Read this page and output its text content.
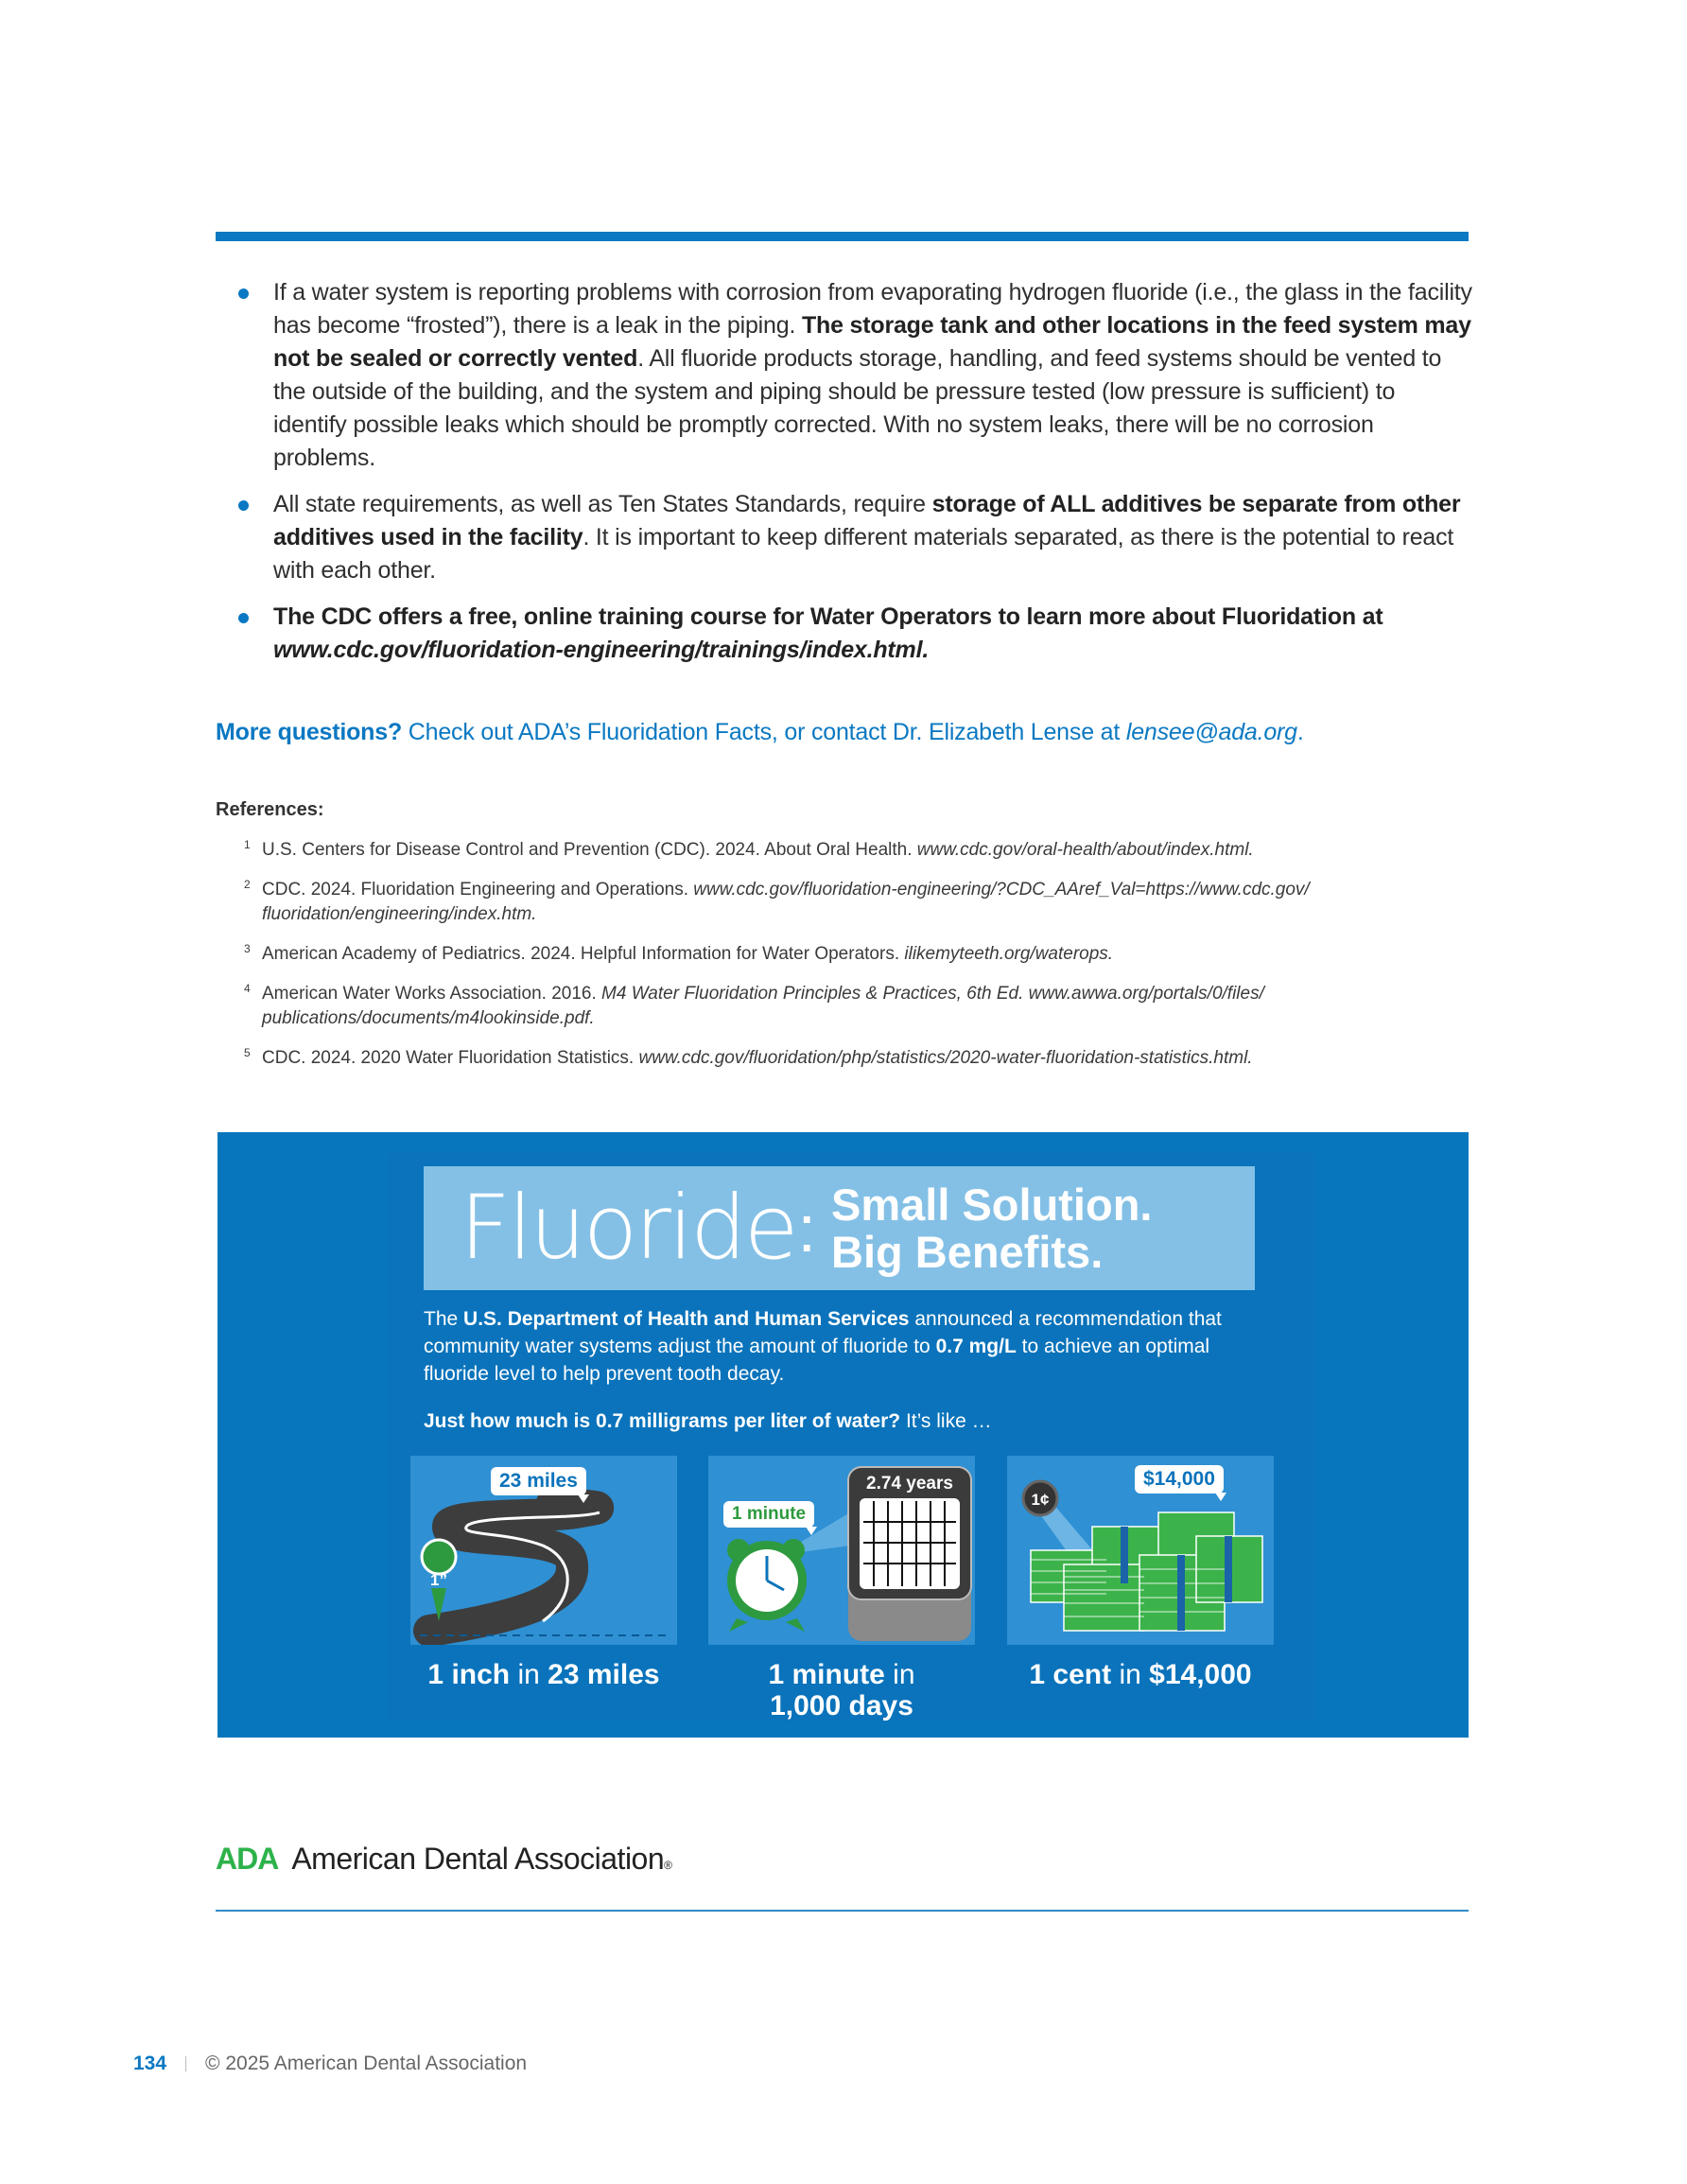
If a water system is reporting problems with corrosion from evaporating hydrogen fluoride (i.e., the glass in the facility has become “frosted”), there is a leak in the piping. The storage tank and other locations in the feed system may not be sealed or correctly vented. All fluoride products storage, handling, and feed systems should be vented to the outside of the building, and the system and piping should be pressure tested (low pressure is sufficient) to identify possible leaks which should be promptly corrected. With no system leaks, there will be no corrosion problems.
All state requirements, as well as Ten States Standards, require storage of ALL additives be separate from other additives used in the facility. It is important to keep different materials separated, as there is the potential to react with each other.
The CDC offers a free, online training course for Water Operators to learn more about Fluoridation at www.cdc.gov/fluoridation-engineering/trainings/index.html.
More questions? Check out ADA’s Fluoridation Facts, or contact Dr. Elizabeth Lense at lensee@ada.org.
References:
1 U.S. Centers for Disease Control and Prevention (CDC). 2024. About Oral Health. www.cdc.gov/oral-health/about/index.html.
2 CDC. 2024. Fluoridation Engineering and Operations. www.cdc.gov/fluoridation-engineering/?CDC_AAref_Val=https://www.cdc.gov/ fluoridation/engineering/index.htm.
3 American Academy of Pediatrics. 2024. Helpful Information for Water Operators. ilikemyteeth.org/waterops.
4 American Water Works Association. 2016. M4 Water Fluoridation Principles & Practices, 6th Ed. www.awwa.org/portals/0/files/ publications/documents/m4lookinside.pdf.
5 CDC. 2024. 2020 Water Fluoridation Statistics. www.cdc.gov/fluoridation/php/statistics/2020-water-fluoridation-statistics.html.
Fluoride : Small Solution.
Big Benefits.
The U.S. Department of Health and Human Services announced a recommendation that community water systems adjust the amount of fluoride to 0.7 mg/L to achieve an optimal fluoride level to help prevent tooth decay.
Just how much is 0.7 milligrams per liter of water? It’s like …
1”
23 miles	2.74 years
1 minute
1¢
$14,000
1 inch in 23 miles	1 minute in
1,000 days
1 cent in $14,000
ADA American Dental Association ®
134 © 2025 American Dental Association
